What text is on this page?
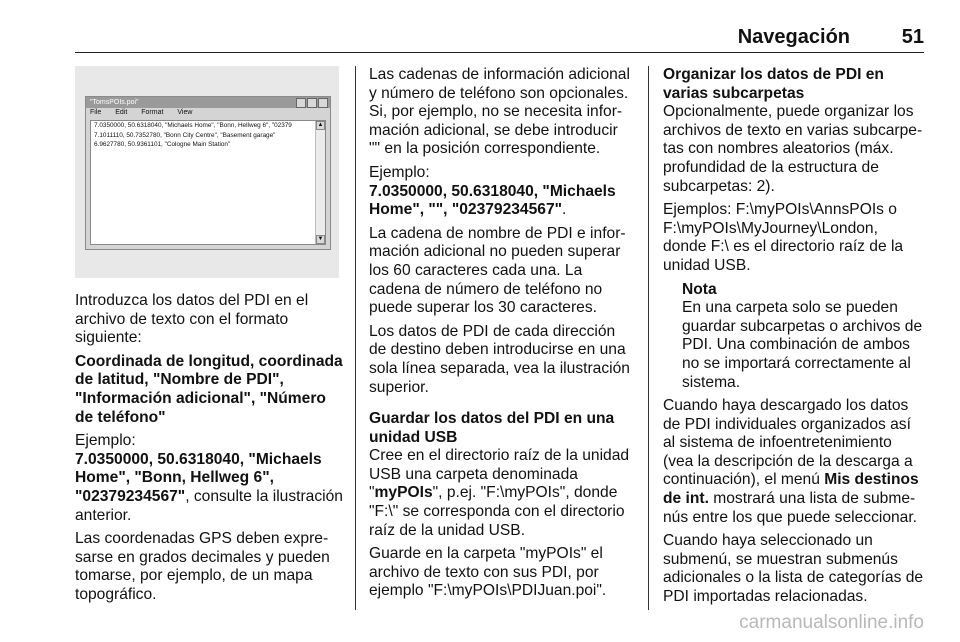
Navegación	51
"TomsPOIs.poi"
File Edit Format View
7.0350000, 50.6318040, "Michaels Home", "Bonn, Hellweg 6", "02379
7.1011110, 50.7352780, "Bonn City Centre", "Basement garage"
6.9627780, 50.9361101, "Cologne Main Station"
▲
▼

Introduzca los datos del PDI en el archivo de texto con el formato siguiente:

Coordinada de longitud, coordinada de latitud, "Nombre de PDI", "Información adicional", "Número de teléfono"

Ejemplo:
7.0350000, 50.6318040, "Michaels Home", "Bonn, Hellweg 6", "02379234567", consulte la ilustración anterior.

Las coordenadas GPS deben expresarse en grados decimales y pueden tomarse, por ejemplo, de un mapa topográfico.

Las cadenas de información adicional y número de teléfono son opcionales. Si, por ejemplo, no se necesita información adicional, se debe introducir "" en la posición correspondiente.

Ejemplo:
7.0350000, 50.6318040, "Michaels Home", "", "02379234567".

La cadena de nombre de PDI e información adicional no pueden superar los 60 caracteres cada una. La cadena de número de teléfono no puede superar los 30 caracteres.

Los datos de PDI de cada dirección de destino deben introducirse en una sola línea separada, vea la ilustración superior.

Guardar los datos del PDI en una unidad USB

Cree en el directorio raíz de la unidad USB una carpeta denominada "myPOIs", p.ej. "F:\myPOIs", donde "F:\" se corresponda con el directorio raíz de la unidad USB.

Guarde en la carpeta "myPOIs" el archivo de texto con sus PDI, por ejemplo "F:\myPOIs\PDIJuan.poi".

Organizar los datos de PDI en varias subcarpetas

Opcionalmente, puede organizar los archivos de texto en varias subcarpetas con nombres aleatorios (máx. profundidad de la estructura de subcarpetas: 2).

Ejemplos: F:\myPOIs\AnnsPOIs o F:\myPOIs\MyJourney\London, donde F:\ es el directorio raíz de la unidad USB.

Nota

En una carpeta solo se pueden guardar subcarpetas o archivos de PDI. Una combinación de ambos no se importará correctamente al sistema.

Cuando haya descargado los datos de PDI individuales organizados así al sistema de infoentretenimiento (vea la descripción de la descarga a continuación), el menú Mis destinos de int. mostrará una lista de submenús entre los que puede seleccionar.

Cuando haya seleccionado un submenú, se muestran submenús adicionales o la lista de categorías de PDI importadas relacionadas.

carmanualsonline.info
